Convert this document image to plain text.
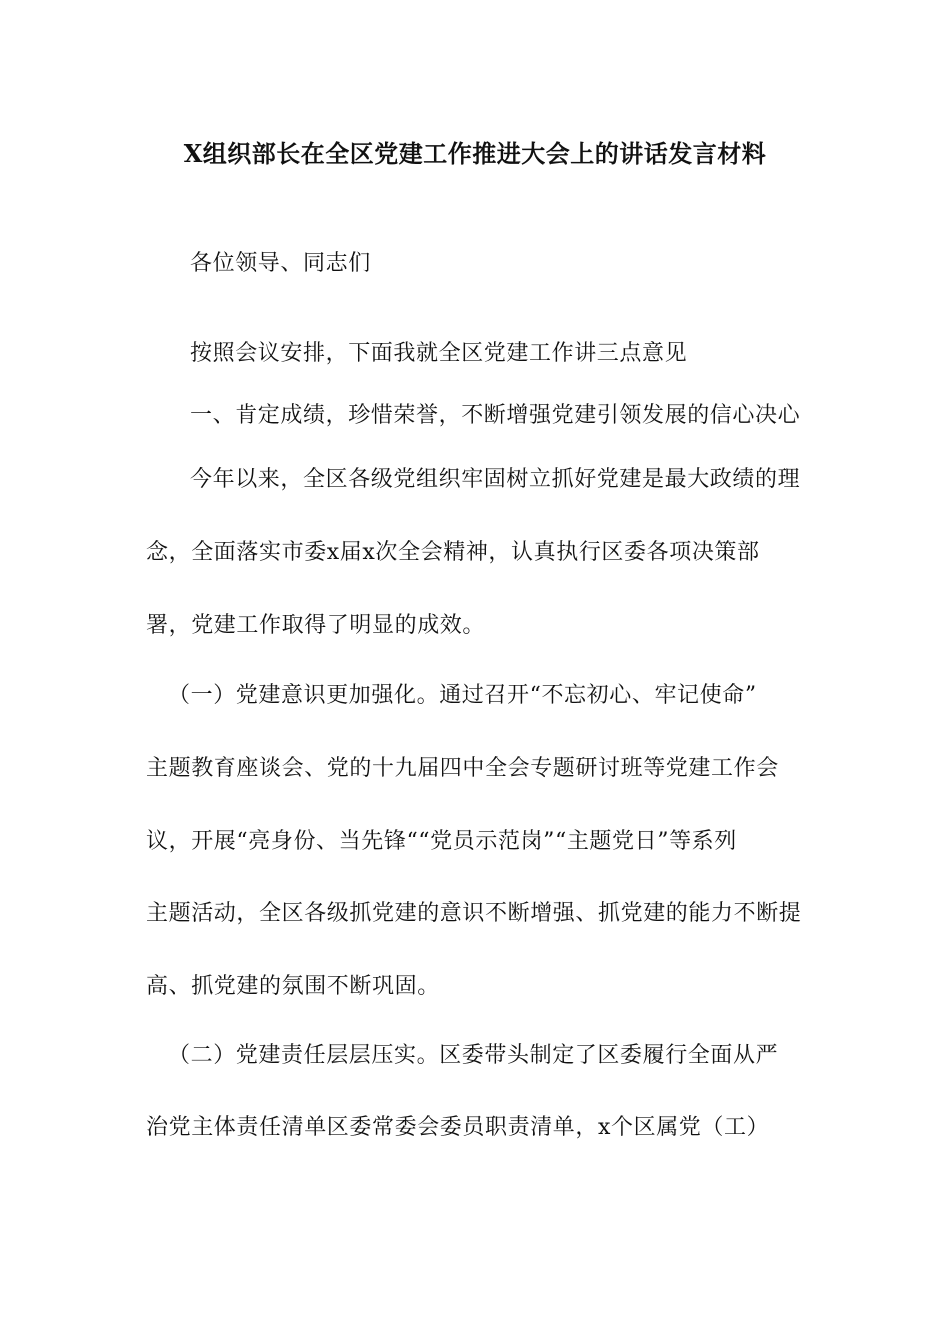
X组织部长在全区党建工作推进大会上的讲话发言材料
各位领导、同志们
按照会议安排，下面我就全区党建工作讲三点意见
一、肯定成绩，珍惜荣誉，不断增强党建引领发展的信心决心
今年以来，全区各级党组织牢固树立抓好党建是最大政绩的理
念，全面落实市委x届x次全会精神，认真执行区委各项决策部
署，党建工作取得了明显的成效。
（一）党建意识更加强化。通过召开“不忘初心、牢记使命”
主题教育座谈会、党的十九届四中全会专题研讨班等党建工作会
议，开展“亮身份、当先锋““党员示范岗”“主题党日”等系列
主题活动，全区各级抓党建的意识不断增强、抓党建的能力不断提
高、抓党建的氛围不断巩固。
（二）党建责任层层压实。区委带头制定了区委履行全面从严
治党主体责任清单区委常委会委员职责清单，x个区属党（工）
